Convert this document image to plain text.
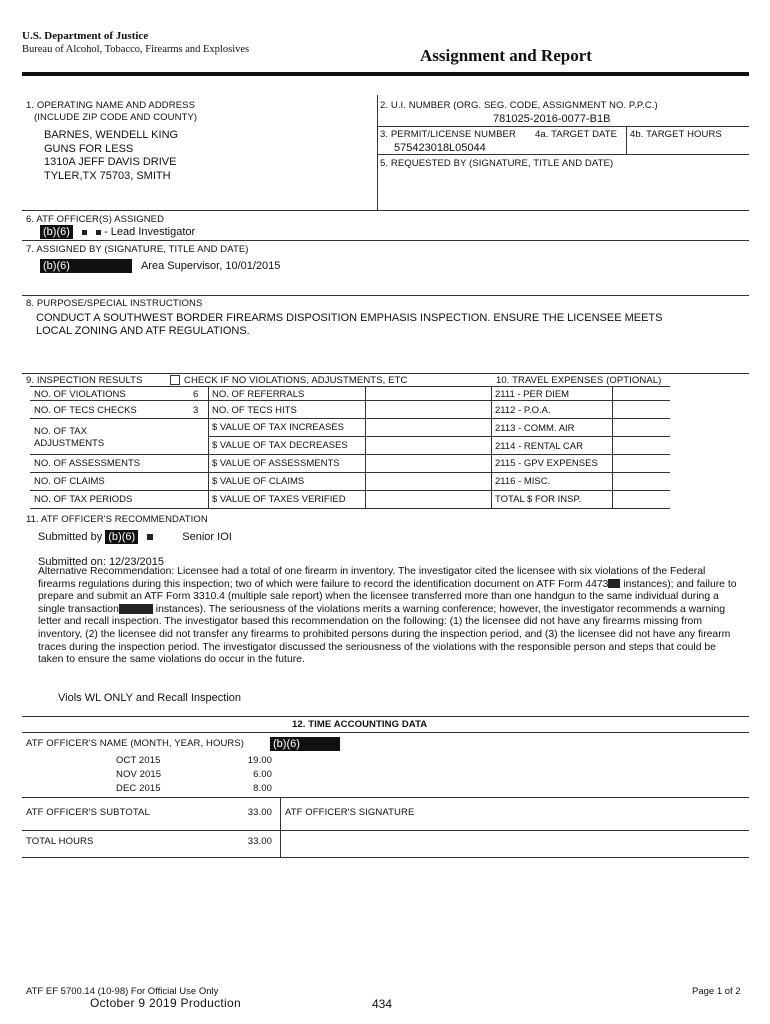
U.S. Department of Justice
Bureau of Alcohol, Tobacco, Firearms and Explosives	Assignment and Report
1. OPERATING NAME AND ADDRESS
(INCLUDE ZIP CODE AND COUNTY)
BARNES, WENDELL KING
GUNS FOR LESS
1310A JEFF DAVIS DRIVE
TYLER,TX 75703, SMITH
2. U.I. NUMBER (ORG. SEG. CODE, ASSIGNMENT NO. P.P.C.)
781025-2016-0077-B1B
3. PERMIT/LICENSE NUMBER 4a. TARGET DATE 4b. TARGET HOURS
575423018L05044
5. REQUESTED BY (SIGNATURE, TITLE AND DATE)
6. ATF OFFICER(S) ASSIGNED
(b)(6)	- Lead Investigator
7. ASSIGNED BY (SIGNATURE, TITLE AND DATE)
(b)(6)	Area Supervisor, 10/01/2015
8. PURPOSE/SPECIAL INSTRUCTIONS
CONDUCT A SOUTHWEST BORDER FIREARMS DISPOSITION EMPHASIS INSPECTION. ENSURE THE LICENSEE MEETS LOCAL ZONING AND ATF REGULATIONS.
9. INSPECTION RESULTS	CHECK IF NO VIOLATIONS, ADJUSTMENTS, ETC	10. TRAVEL EXPENSES (OPTIONAL)
NO. OF VIOLATIONS	6 NO. OF REFERRALS	2111 - PER DIEM
NO. OF TECS CHECKS	3 NO. OF TECS HITS	2112 - P.O.A.
NO. OF TAX ADJUSTMENTS
$ VALUE OF TAX INCREASES	2113 - COMM. AIR
$ VALUE OF TAX DECREASES	2114 - RENTAL CAR
NO. OF ASSESSMENTS	$ VALUE OF ASSESSMENTS	2115 - GPV EXPENSES
NO. OF CLAIMS	$ VALUE OF CLAIMS	2116 - MISC.
NO. OF TAX PERIODS	$ VALUE OF TAXES VERIFIED	TOTAL $ FOR INSP.
11. ATF OFFICER'S RECOMMENDATION
Submitted by (b)(6)	Senior IOI
Submitted on: 12/23/2015
Alternative Recommendation: Licensee had a total of one firearm in inventory. The investigator cited the licensee with six violations of the Federal firearms regulations during this inspection; two of which were failure to record the identification document on ATF Form 4473 instances); and failure to prepare and submit an ATF Form 3310.4 (multiple sale report) when the licensee transferred more than one handgun to the same individual during a single transaction	instances). The seriousness of the violations merits a warning conference; however, the investigator recommends a warning letter and recall inspection. The investigator based this recommendation on the following: (1) the licensee did not have any firearms missing from inventory, (2) the licensee did not transfer any firearms to prohibited persons during the inspection period, and (3) the licensee did not have any firearm traces during the inspection period. The investigator discussed the seriousness of the violations with the responsible person and steps that could be taken to ensure the same violations do occur in the future.
Viols WL ONLY and Recall Inspection
12. TIME ACCOUNTING DATA
ATF OFFICER'S NAME (MONTH, YEAR, HOURS)	(b)(6)
OCT 2015	19.00
NOV 2015	6.00
DEC 2015	8.00
ATF OFFICER'S SUBTOTAL	33.00 ATF OFFICER'S SIGNATURE
TOTAL HOURS	33.00
ATF EF 5700.14 (10-98) For Official Use Only
October 9 2019 Production	434
Page 1 of 2
